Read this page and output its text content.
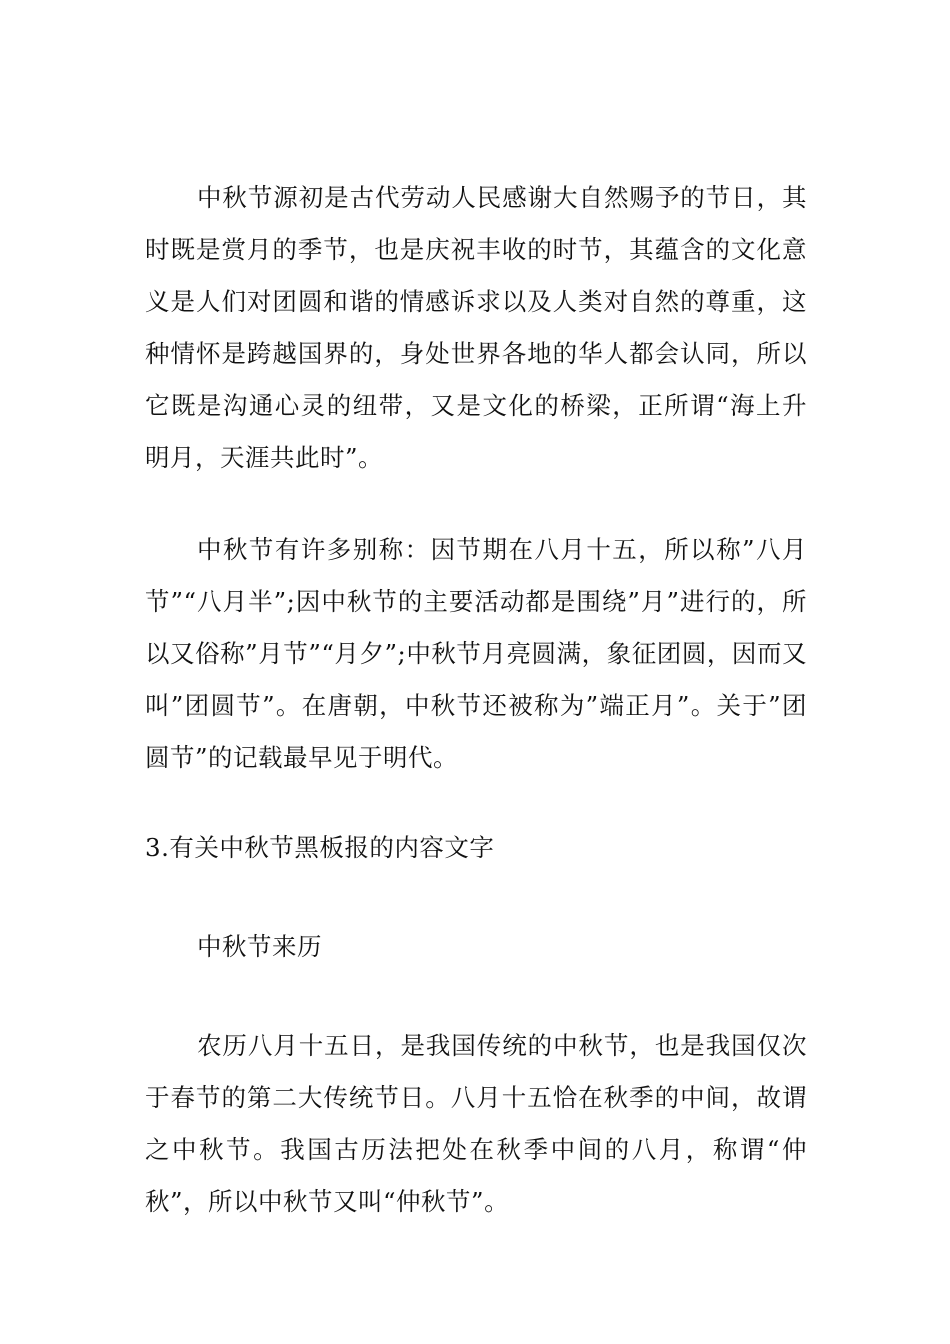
中秋节源初是古代劳动人民感谢大自然赐予的节日，其时既是赏月的季节，也是庆祝丰收的时节，其蕴含的文化意义是人们对团圆和谐的情感诉求以及人类对自然的尊重，这种情怀是跨越国界的，身处世界各地的华人都会认同，所以它既是沟通心灵的纽带，又是文化的桥梁，正所谓“海上升明月，天涯共此时”。

中秋节有许多别称：因节期在八月十五，所以称”八月节”“八月半”;因中秋节的主要活动都是围绕”月”进行的，所以又俗称”月节”“月夕”;中秋节月亮圆满，象征团圆，因而又叫”团圆节”。在唐朝，中秋节还被称为”端正月”。关于”团圆节”的记载最早见于明代。

3.有关中秋节黑板报的内容文字

中秋节来历

农历八月十五日，是我国传统的中秋节，也是我国仅次于春节的第二大传统节日。八月十五恰在秋季的中间，故谓之中秋节。我国古历法把处在秋季中间的八月，称谓“仲秋”，所以中秋节又叫“仲秋节”。
